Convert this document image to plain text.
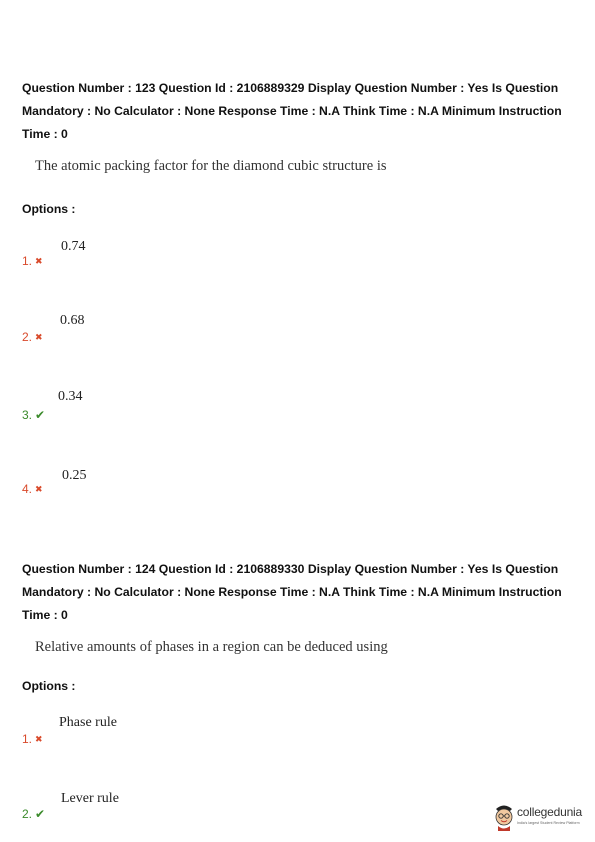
Question Number : 123 Question Id : 2106889329 Display Question Number : Yes Is Question
Mandatory : No Calculator : None Response Time : N.A Think Time : N.A Minimum Instruction
Time : 0
The atomic packing factor for the diamond cubic structure is
Options :
1. ✖
0.74
2. ✖
0.68
3. ✔
0.34
4. ✖
0.25
Question Number : 124 Question Id : 2106889330 Display Question Number : Yes Is Question
Mandatory : No Calculator : None Response Time : N.A Think Time : N.A Minimum Instruction
Time : 0
Relative amounts of phases in a region can be deduced using
Options :
1. ✖
Phase rule
2. ✔
Lever rule
collegedunia
India's largest Student Review Platform
